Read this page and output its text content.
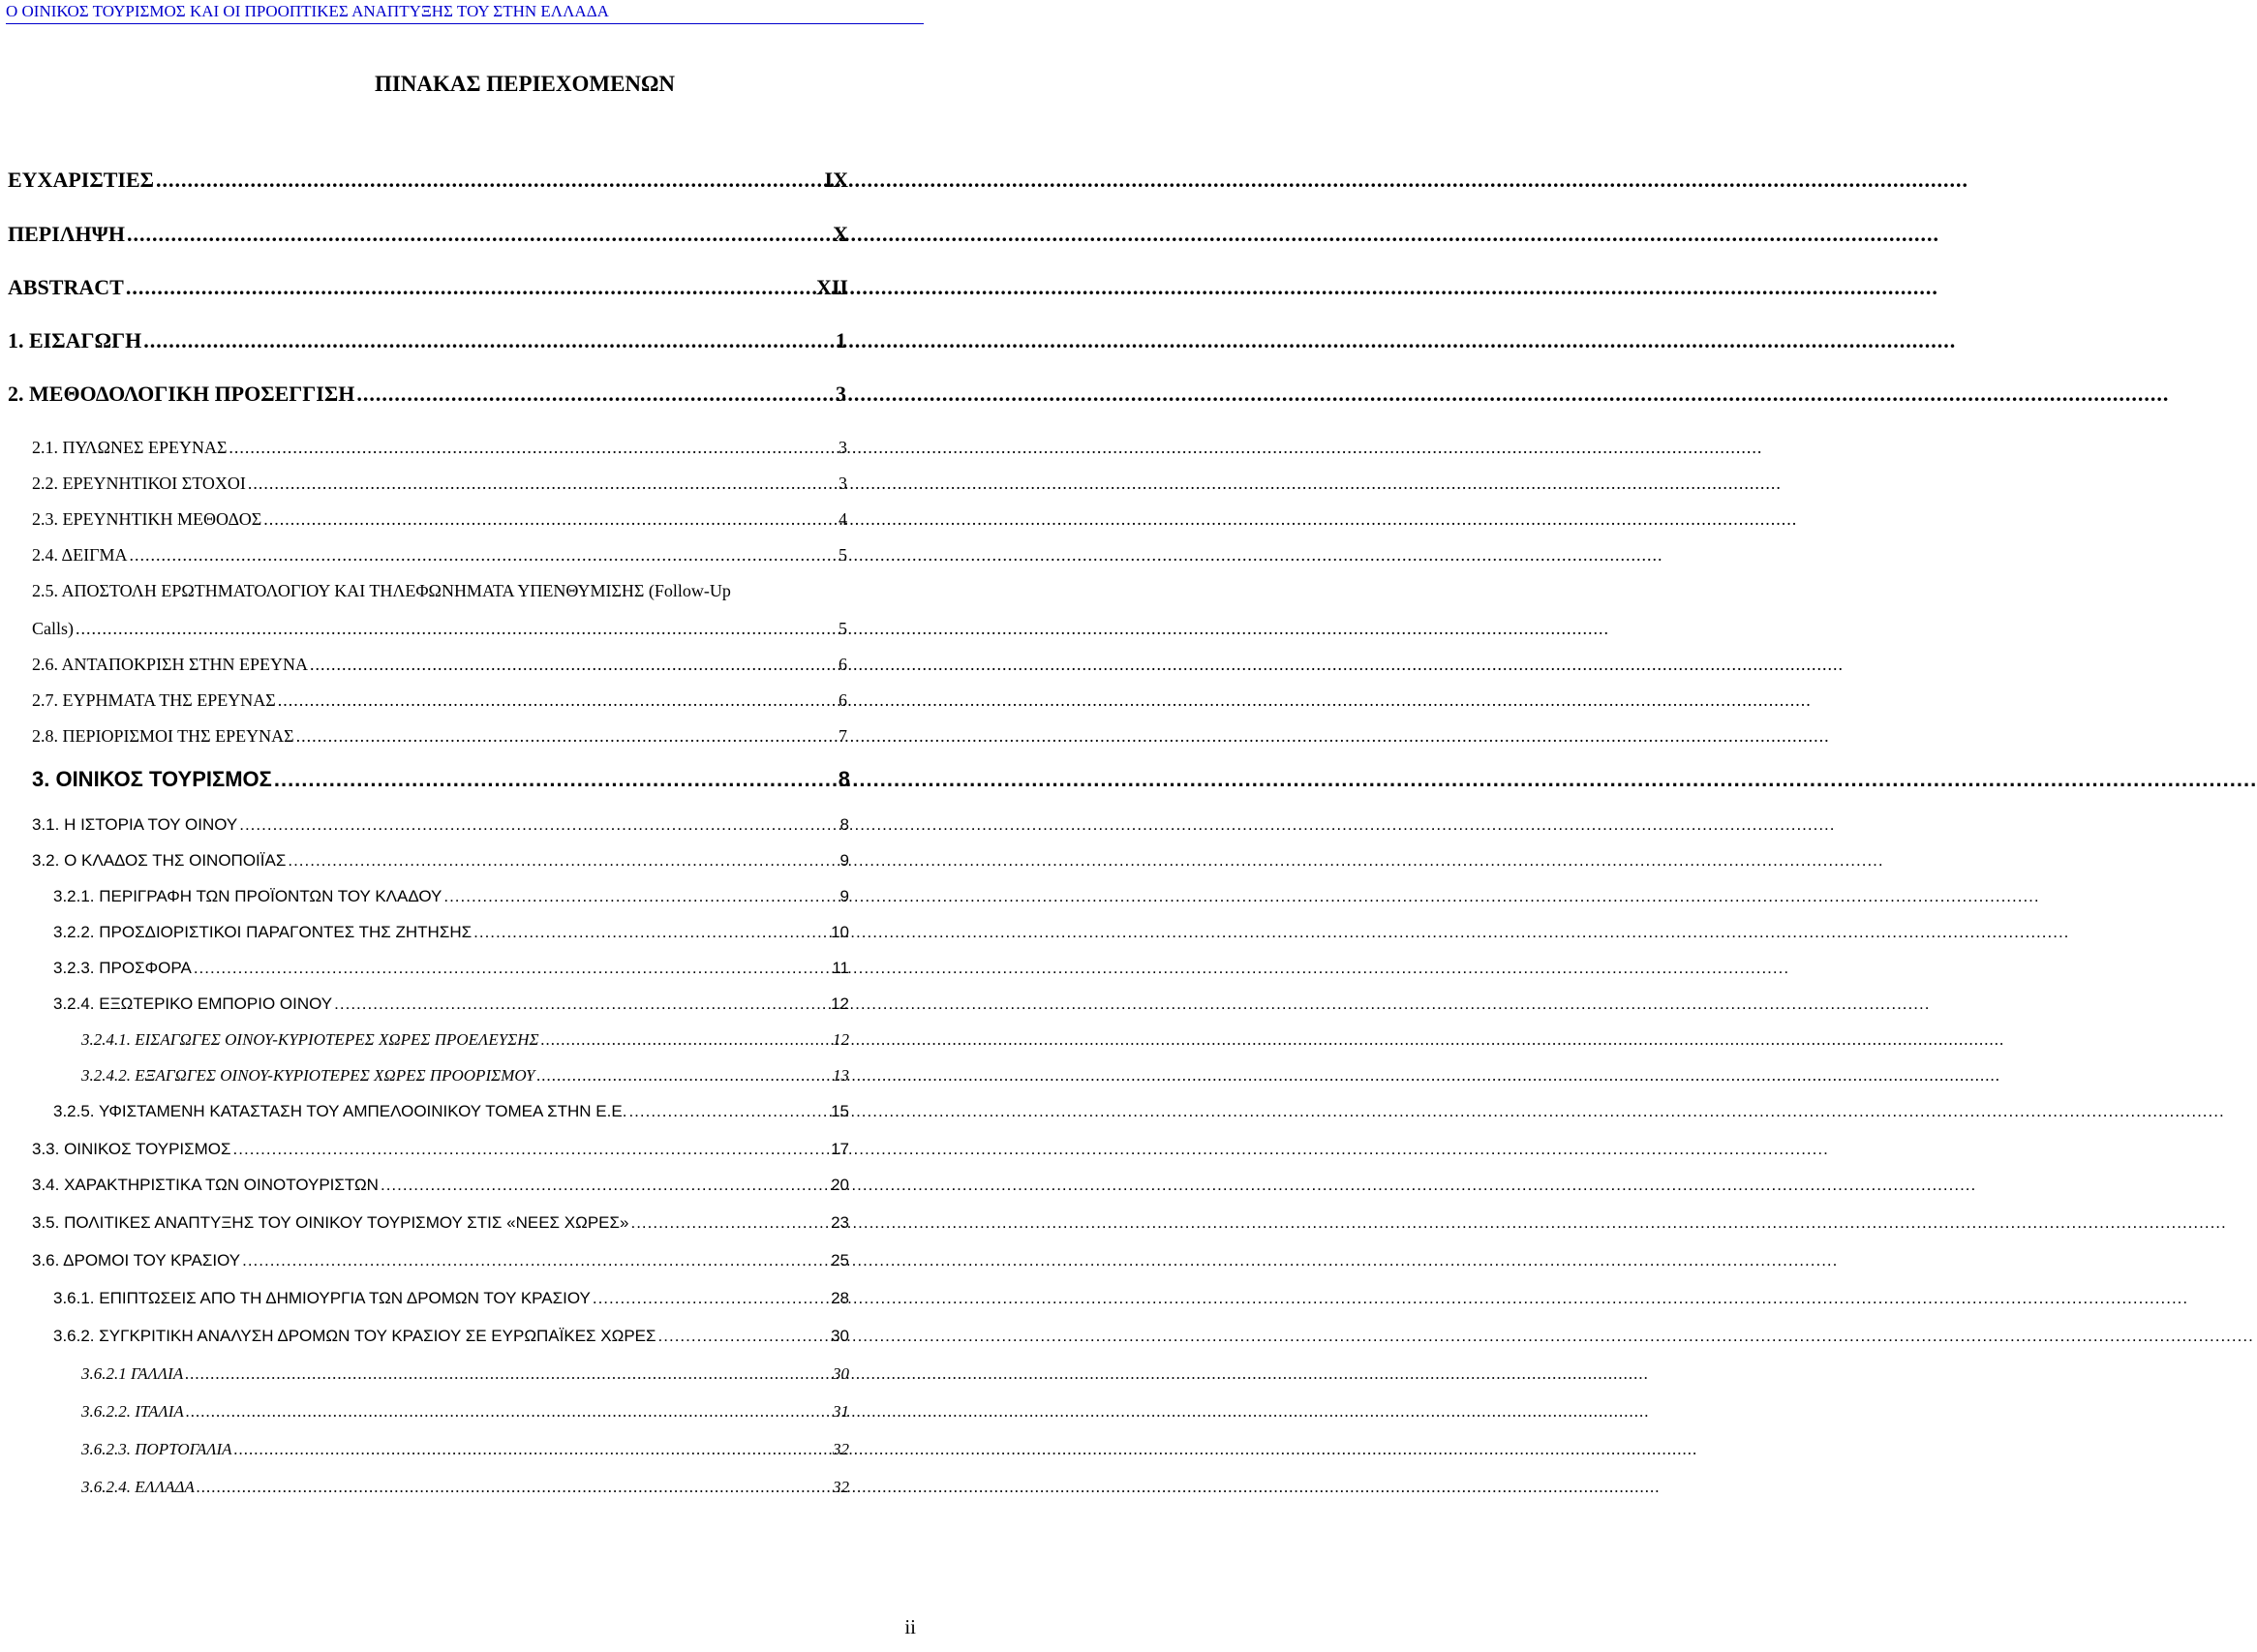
Ο ΟΙΝΙΚΟΣ ΤΟΥΡΙΣΜΟΣ ΚΑΙ ΟΙ ΠΡΟΟΠΤΙΚΕΣ ΑΝΑΠΤΥΞΗΣ ΤΟΥ ΣΤΗΝ ΕΛΛΑΔΑ
ΠΙΝΑΚΑΣ ΠΕΡΙΕΧΟΜΕΝΩΝ
ΕΥΧΑΡΙΣΤΙΕΣ .....	IX
ΠΕΡΙΛΗΨΗ .....	X
ABSTRACT .....	XII
1. ΕΙΣΑΓΩΓΗ .....	1
2. ΜΕΘΟΔΟΛΟΓΙΚΗ ΠΡΟΣΕΓΓΙΣΗ .....	3
2.1. ΠΥΛΩΝΕΣ ΕΡΕΥΝΑΣ .....	3
2.2. ΕΡΕΥΝΗΤΙΚΟΙ ΣΤΟΧΟΙ .....	3
2.3. ΕΡΕΥΝΗΤΙΚΗ ΜΕΘΟΔΟΣ .....	4
2.4. ΔΕΙΓΜΑ .....	5
2.5. ΑΠΟΣΤΟΛΗ ΕΡΩΤΗΜΑΤΟΛΟΓΙΟΥ ΚΑΙ ΤΗΛΕΦΩΝΗΜΑΤΑ ΥΠΕΝΘΥΜΙΣΗΣ (Follow-Up
Calls) .....	5
2.6. ΑΝΤΑΠΟΚΡΙΣΗ ΣΤΗΝ ΕΡΕΥΝΑ .....	6
2.7. ΕΥΡΗΜΑΤΑ ΤΗΣ ΕΡΕΥΝΑΣ .....	6
2.8. ΠΕΡΙΟΡΙΣΜΟΙ ΤΗΣ ΕΡΕΥΝΑΣ .....	7
3. ΟΙΝΙΚΟΣ ΤΟΥΡΙΣΜΟΣ .....	8
3.1. Η ΙΣΤΟΡΙΑ ΤΟΥ ΟΙΝΟΥ .....	8
3.2. Ο ΚΛΑΔΟΣ ΤΗΣ ΟΙΝΟΠΟΙΪΑΣ .....	9
3.2.1. ΠΕΡΙΓΡΑΦΗ ΤΩΝ ΠΡΟΪΟΝΤΩΝ ΤΟΥ ΚΛΑΔΟΥ .....	9
3.2.2. ΠΡΟΣΔΙΟΡΙΣΤΙΚΟΙ ΠΑΡΑΓΟΝΤΕΣ ΤΗΣ ΖΗΤΗΣΗΣ .....	10
3.2.3. ΠΡΟΣΦΟΡΑ .....	11
3.2.4. ΕΞΩΤΕΡΙΚΟ ΕΜΠΟΡΙΟ ΟΙΝΟΥ .....	12
3.2.4.1. ΕΙΣΑΓΩΓΕΣ ΟΙΝΟΥ-ΚΥΡΙΟΤΕΡΕΣ ΧΩΡΕΣ ΠΡΟΕΛΕΥΣΗΣ .....	12
3.2.4.2. ΕΞΑΓΩΓΕΣ ΟΙΝΟΥ-ΚΥΡΙΟΤΕΡΕΣ ΧΩΡΕΣ ΠΡΟΟΡΙΣΜΟΥ .....	13
3.2.5. ΥΦΙΣΤΑΜΕΝΗ ΚΑΤΑΣΤΑΣΗ ΤΟΥ ΑΜΠΕΛΟΟΙΝΙΚΟΥ ΤΟΜΕΑ ΣΤΗΝ Ε.Ε. .....	15
3.3. ΟΙΝΙΚΟΣ ΤΟΥΡΙΣΜΟΣ .....	17
3.4. ΧΑΡΑΚΤΗΡΙΣΤΙΚΑ ΤΩΝ ΟΙΝΟΤΟΥΡΙΣΤΩΝ .....	20
3.5. ΠΟΛΙΤΙΚΕΣ ΑΝΑΠΤΥΞΗΣ ΤΟΥ ΟΙΝΙΚΟΥ ΤΟΥΡΙΣΜΟΥ ΣΤΙΣ «ΝΕΕΣ ΧΩΡΕΣ» .....	23
3.6. ΔΡΟΜΟΙ ΤΟΥ ΚΡΑΣΙΟΥ .....	25
3.6.1. ΕΠΙΠΤΩΣΕΙΣ ΑΠΟ ΤΗ ΔΗΜΙΟΥΡΓΙΑ ΤΩΝ ΔΡΟΜΩΝ ΤΟΥ ΚΡΑΣΙΟΥ .....	28
3.6.2. ΣΥΓΚΡΙΤΙΚΗ ΑΝΑΛΥΣΗ ΔΡΟΜΩΝ ΤΟΥ ΚΡΑΣΙΟΥ ΣΕ ΕΥΡΩΠΑΪΚΕΣ ΧΩΡΕΣ .....	30
3.6.2.1 ΓΑΛΛΙΑ .....	30
3.6.2.2. ΙΤΑΛΙΑ .....	31
3.6.2.3. ΠΟΡΤΟΓΑΛΙΑ .....	32
3.6.2.4. ΕΛΛΑΔΑ .....	32
ii
